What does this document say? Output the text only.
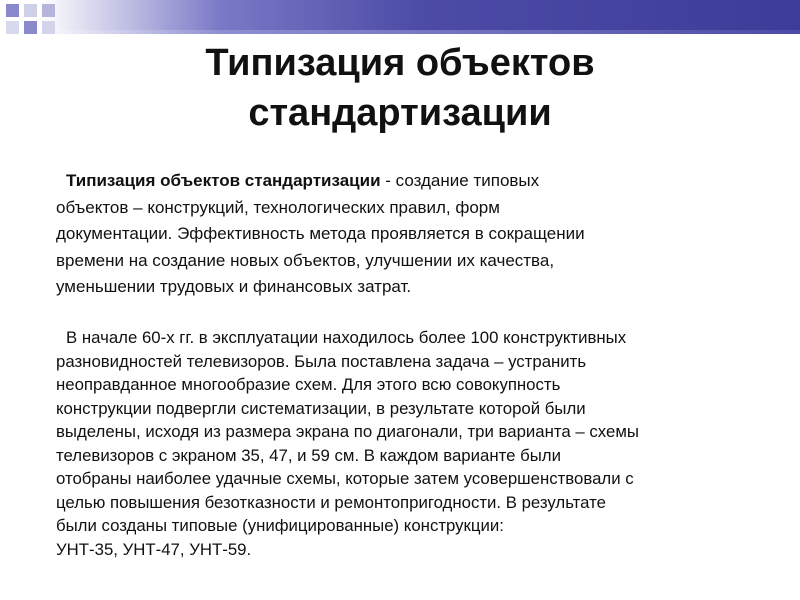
Типизация объектов
стандартизации
Типизация объектов стандартизации - создание типовых
объектов – конструкций, технологических правил, форм
документации. Эффективность метода проявляется в сокращении
времени на создание новых объектов, улучшении их качества,
уменьшении трудовых и финансовых затрат.
В начале 60-х гг. в эксплуатации находилось более 100 конструктивных
разновидностей телевизоров. Была поставлена задача – устранить
неоправданное многообразие схем. Для этого всю совокупность
конструкции подвергли систематизации, в результате которой были
выделены, исходя из размера экрана по диагонали, три варианта – схемы
телевизоров с экраном 35, 47, и 59 см. В каждом варианте были
отобраны наиболее удачные схемы, которые затем усовершенствовали с
целью повышения безотказности и ремонтопригодности. В результате
были созданы типовые (унифицированные) конструкции:
УНТ-35, УНТ-47, УНТ-59.
